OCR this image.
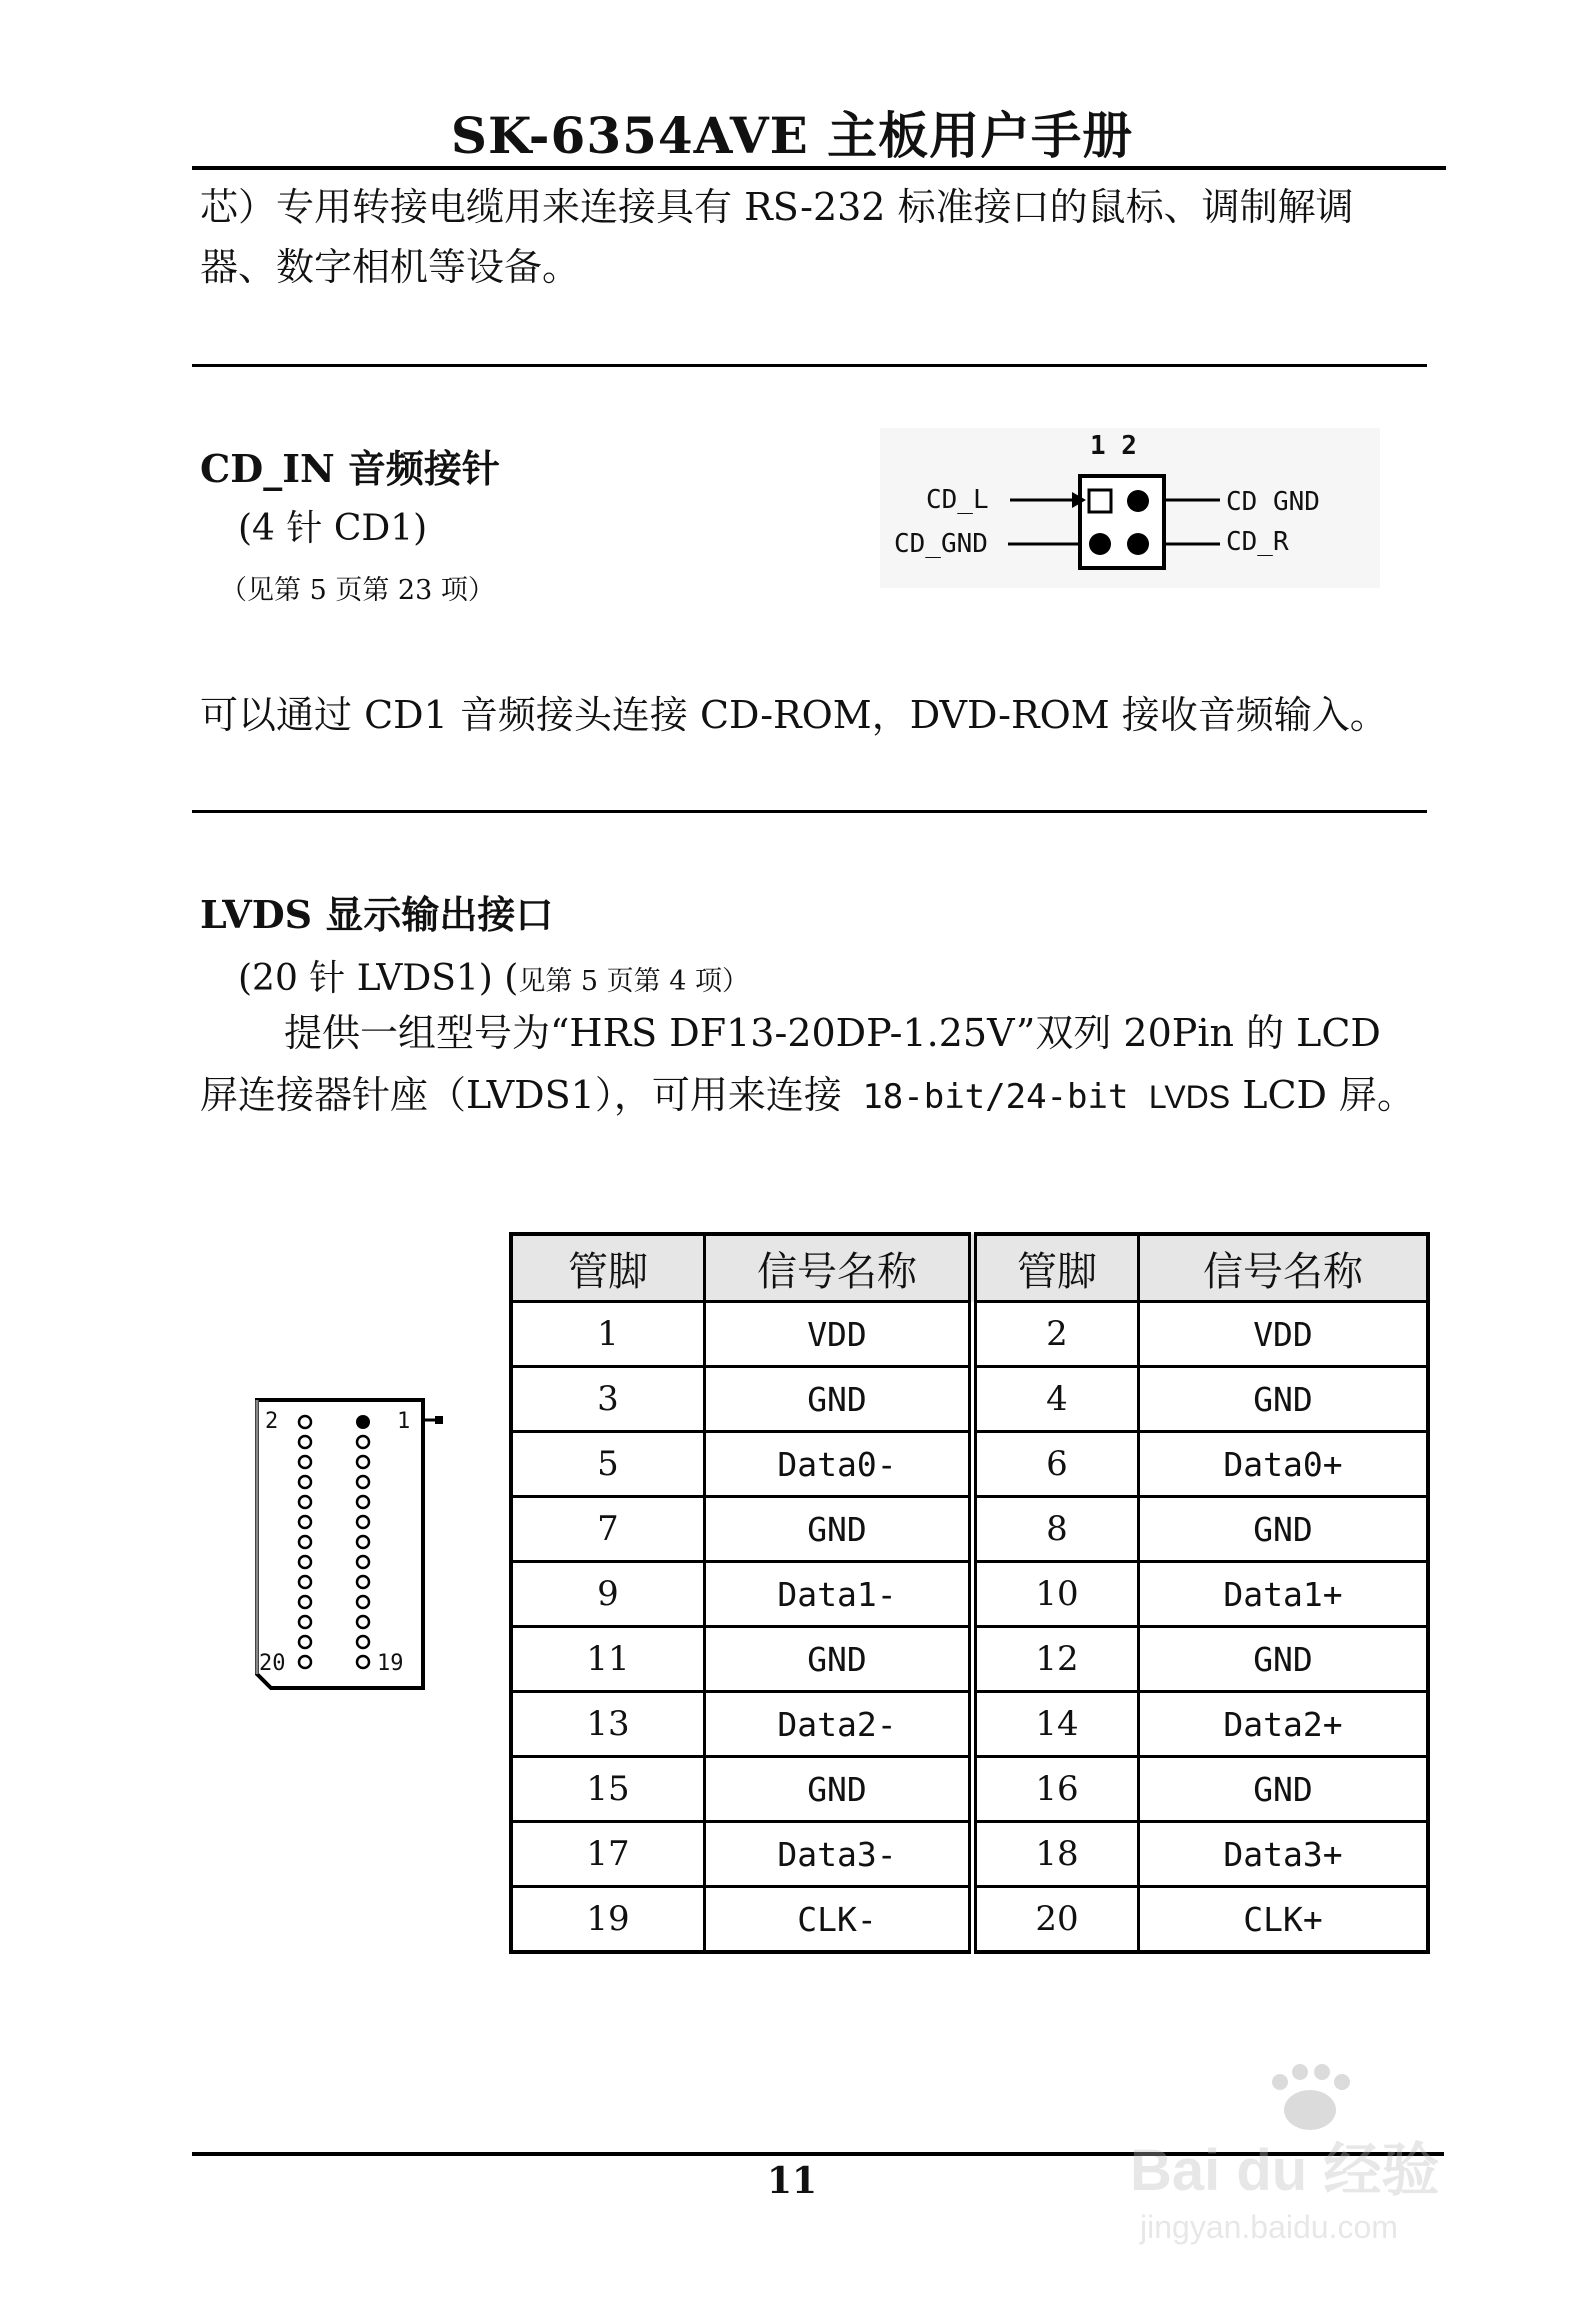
SK-6354AVE 主板用户手册
芯）专用转接电缆用来连接具有 RS-232 标准接口的鼠标、调制解调
器、数字相机等设备。
CD_IN 音频接针
(4 针 CD1)
（见第 5 页第 23 项）
1 2
CD_L
CD_GND
CD GND
CD_R
可以通过 CD1 音频接头连接 CD-ROM，DVD-ROM 接收音频输入。
LVDS 显示输出接口
(20 针 LVDS1) (见第 5 页第 4 项）
提供一组型号为“HRS DF13-20DP-1.25V”双列 20Pin 的 LCD
屏连接器针座（LVDS1），可用来连接 18-bit/24-bit LVDS LCD 屏。
2	1
20	19
管脚	信号名称	管脚	信号名称
1	VDD	2	VDD
3	GND	4	GND
5	Data0-	6	Data0+
7	GND	8	GND
9	Data1-	10	Data1+
11	GND	12	GND
13	Data2-	14	Data2+
15	GND	16	GND
17	Data3-	18	Data3+
19	CLK-	20	CLK+
11	Bai du 经验
jingyan.baidu.com
